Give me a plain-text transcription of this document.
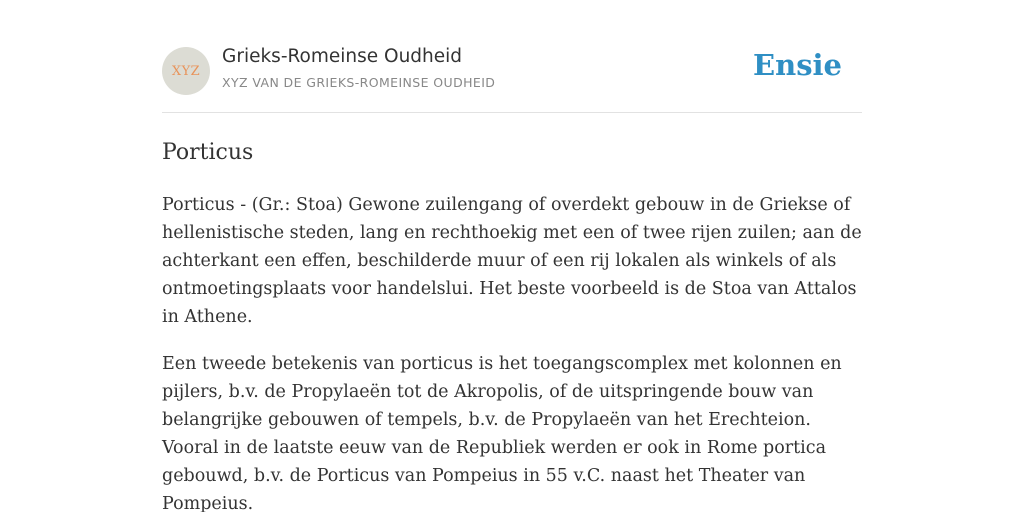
XYZ
Grieks-Romeinse Oudheid
XYZ VAN DE GRIEKS-ROMEINSE OUDHEID
Ensie
Porticus

Porticus - (Gr.: Stoa) Gewone zuilengang of overdekt gebouw in de Griekse of hellenistische steden, lang en rechthoekig met een of twee rijen zuilen; aan de achterkant een effen, beschilderde muur of een rij lokalen als winkels of als ontmoetingsplaats voor handelslui. Het beste voorbeeld is de Stoa van Attalos in Athene.

Een tweede betekenis van porticus is het toegangscomplex met kolonnen en pijlers, b.v. de Propylaeën tot de Akropolis, of de uitspringende bouw van belangrijke gebouwen of tempels, b.v. de Propylaeën van het Erechteion. Vooral in de laatste eeuw van de Republiek werden er ook in Rome portica gebouwd, b.v. de Porticus van Pompeius in 55 v.C. naast het Theater van Pompeius.
